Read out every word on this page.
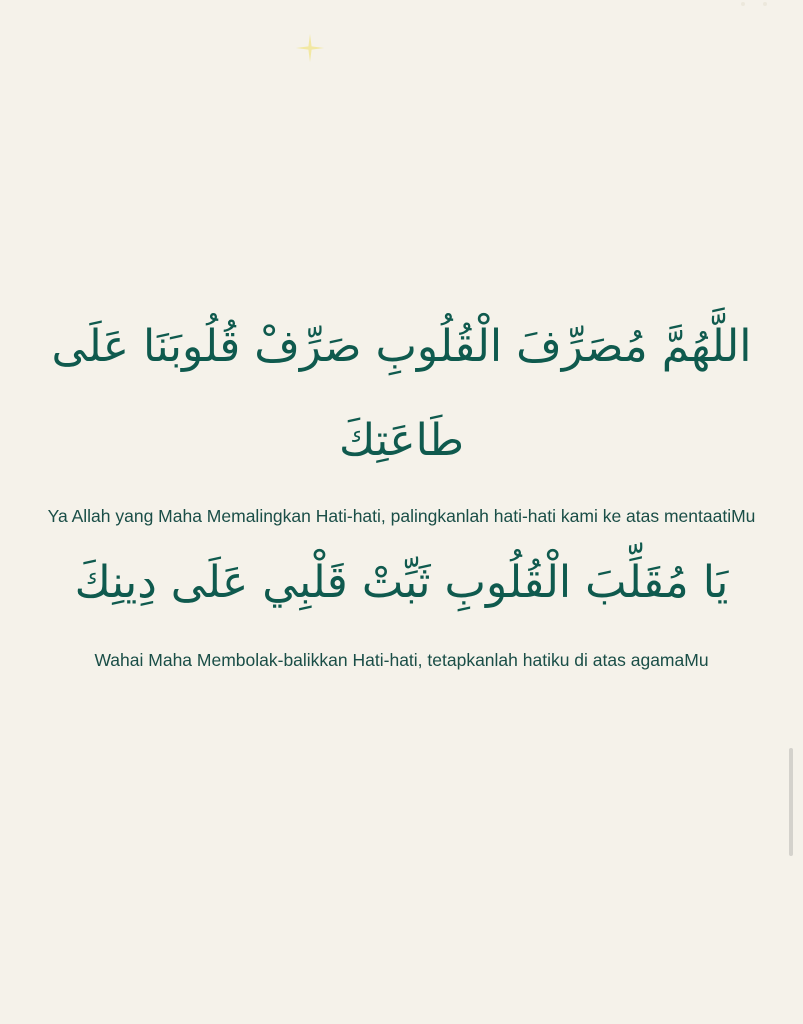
اللَّهُمَّ مُصَرِّفَ الْقُلُوبِ صَرِّفْ قُلُوبَنَا عَلَى طَاعَتِكَ

Ya Allah yang Maha Memalingkan Hati-hati, palingkanlah hati-hati kami ke atas mentaatiMu

يَا مُقَلِّبَ الْقُلُوبِ ثَبِّتْ قَلْبِي عَلَى دِينِكَ

Wahai Maha Membolak-balikkan Hati-hati, tetapkanlah hatiku di atas agamaMu
